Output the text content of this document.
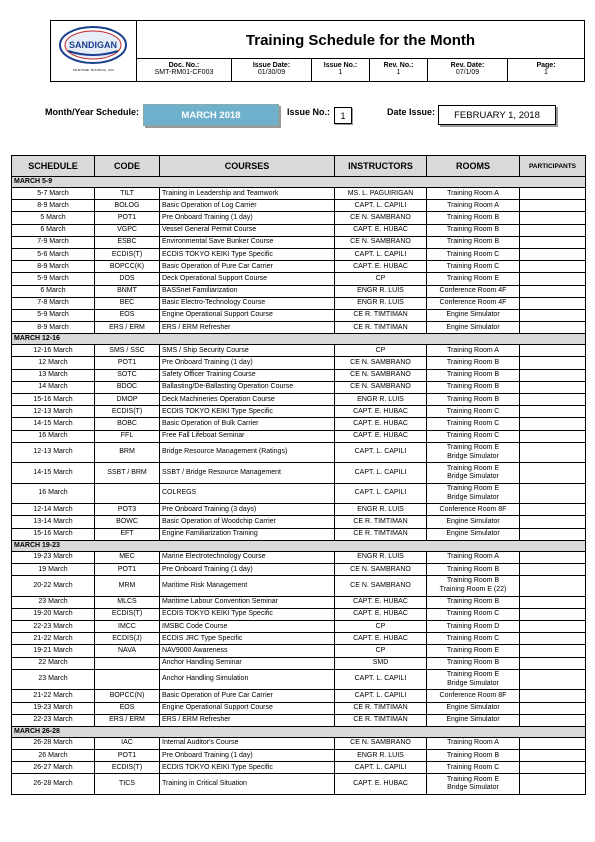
SANDIGAN
MARITIME TRAINING, INC.
Training Schedule for the Month
Doc. No.:
SMT-RM01-CF003
Issue Date:
01/30/09
Issue No.:
1
Rev. No.:
1
Rev. Date:
07/1/09
Page:
1
Month/Year Schedule:	MARCH 2018	Issue No.:	1	Date Issue:	FEBRUARY 1, 2018
SCHEDULE	CODE	COURSES	INSTRUCTORS	ROOMS	PARTICIPANTS
MARCH 5-9					
5-7 March	TILT	Training in Leadership and Teamwork	MS. L. PAGUIRIGAN	Training Room A	
8-9 March	BOLOG	Basic Operation of Log Carrier	CAPT. L. CAPILI	Training Room A	
5 March	POT1	Pre Onboard Training (1 day)	CE N. SAMBRANO	Training Room B	
6 March	VGPC	Vessel General Permit Course	CAPT. E. HUBAC	Training Room B	
7-9 March	ESBC	Environmental Save Bunker Course	CE N. SAMBRANO	Training Room B	
5-6 March	ECDIS(T)	ECDIS TOKYO KEIKI Type Specific	CAPT. L. CAPILI	Training Room C	
8-9 March	BOPCC(K)	Basic Operation of Pure Car Carrier	CAPT. E. HUBAC	Training Room C	
5-9 March	DOS	Deck Operational Support Course	CP	Training Room E	
6 March	BNMT	BASSnet Familiarization	ENGR R. LUIS	Conference Room 4F	
7-8 March	BEC	Basic Electro-Technology Course	ENGR R. LUIS	Conference Room 4F	
5-9 March	EOS	Engine Operational Support Course	CE R. TIMTIMAN	Engine Simulator	
8-9 March	ERS / ERM	ERS / ERM Refresher	CE R. TIMTIMAN	Engine Simulator	
MARCH 12-16					
12-16 March	SMS / SSC	SMS / Ship Security Course	CP	Training Room A	
12 March	POT1	Pre Onboard Training (1 day)	CE N. SAMBRANO	Training Room B	
13 March	SOTC	Safety Officer Training Course	CE N. SAMBRANO	Training Room B	
14 March	BDOC	Ballasting/De-Ballasting Operation Course	CE N. SAMBRANO	Training Room B	
15-16 March	DMOP	Deck Machineries Operation Course	ENGR R. LUIS	Training Room B	
12-13 March	ECDIS(T)	ECDIS TOKYO KEIKI Type Specific	CAPT. E. HUBAC	Training Room C	
14-15 March	BOBC	Basic Operation of Bulk Carrier	CAPT. E. HUBAC	Training Room C	
16 March	FFL	Free Fall Lifeboat Seminar	CAPT. E. HUBAC	Training Room C	
12-13 March	BRM	Bridge Resource Management (Ratings)	CAPT. L. CAPILI	Training Room E
Bridge Simulator	
14-15 March	SSBT / BRM	SSBT / Bridge Resource Management	CAPT. L. CAPILI	Training Room E
Bridge Simulator	
16 March		COLREGS	CAPT. L. CAPILI	Training Room E
Bridge Simulator	
12-14 March	POT3	Pre Onboard Training (3 days)	ENGR R. LUIS	Conference Room 8F	
13-14 March	BOWC	Basic Operation of Woodchip Carrier	CE R. TIMTIMAN	Engine Simulator	
15-16 March	EFT	Engine Familiarization Training	CE R. TIMTIMAN	Engine Simulator	
MARCH 19-23					
19-23 March	MEC	Marine Electrotechnology Course	ENGR R. LUIS	Training Room A	
19 March	POT1	Pre Onboard Training (1 day)	CE N. SAMBRANO	Training Room B	
20-22 March	MRM	Maritime Risk Management	CE N. SAMBRANO	Training Room B
Training Room E (22)	
23 March	MLCS	Maritime Labour Convention Seminar	CAPT. E. HUBAC	Training Room B	
19-20 March	ECDIS(T)	ECDIS TOKYO KEIKI Type Specific	CAPT. E. HUBAC	Training Room C	
22-23 March	IMCC	IMSBC Code Course	CP	Training Room D	
21-22 March	ECDIS(J)	ECDIS JRC Type Specific	CAPT. E. HUBAC	Training Room C	
19-21 March	NAVA	NAV9000 Awareness	CP	Training Room E	
22 March		Anchor Handling Seminar	SMD	Training Room B	
23 March		Anchor Handling Simulation	CAPT. L. CAPILI	Training Room E
Bridge Simulator	
21-22 March	BOPCC(N)	Basic Operation of Pure Car Carrier	CAPT. L. CAPILI	Conference Room 8F	
19-23 March	EOS	Engine Operational Support Course	CE R. TIMTIMAN	Engine Simulator	
22-23 March	ERS / ERM	ERS / ERM Refresher	CE R. TIMTIMAN	Engine Simulator	
MARCH 26-28					
26-28 March	IAC	Internal Auditor's Course	CE N. SAMBRANO	Training Room A	
26 March	POT1	Pre Onboard Training (1 day)	ENGR R. LUIS	Training Room B	
26-27 March	ECDIS(T)	ECDIS TOKYO KEIKI Type Specific	CAPT. L. CAPILI	Training Room C	
26-28 March	TICS	Training in Critical Situation	CAPT. E. HUBAC	Training Room E
Bridge Simulator	
